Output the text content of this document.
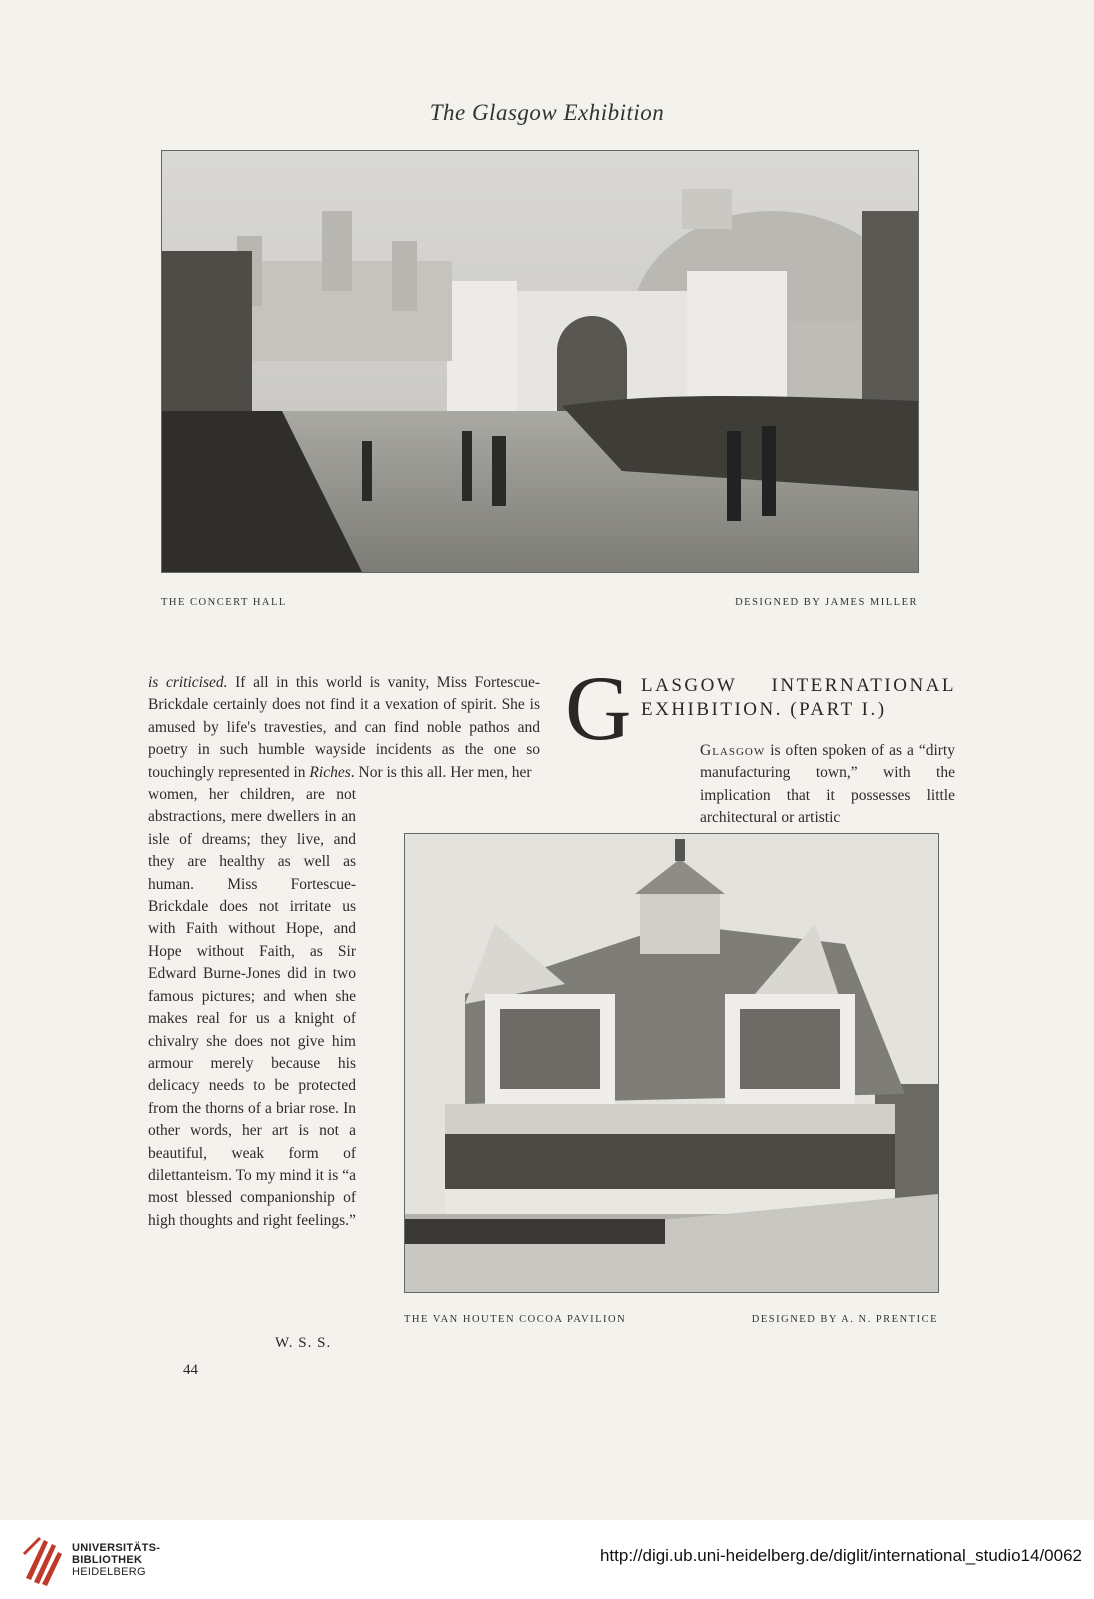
The Glasgow Exhibition
THE CONCERT HALL	DESIGNED BY JAMES MILLER

is criticised. If all in this world is vanity, Miss Fortescue-Brickdale certainly does not find it a vexation of spirit. She is amused by life's travesties, and can find noble pathos and poetry in such humble wayside incidents as the one so touchingly represented in Riches. Nor is this all. Her men, her

women, her children, are not abstractions, mere dwellers in an isle of dreams; they live, and they are healthy as well as human. Miss Fortescue-Brickdale does not irritate us with Faith without Hope, and Hope without Faith, as Sir Edward Burne-Jones did in two famous pictures; and when she makes real for us a knight of chivalry she does not give him armour merely because his delicacy needs to be protected from the thorns of a briar rose. In other words, her art is not a beautiful, weak form of dilettanteism. To my mind it is “a most blessed companionship of high thoughts and right feelings.”

W. S. S.
44
G LASGOW INTERNATIONAL EXHIBITION. (PART I.)
Glasgow is often spoken of as a “dirty manufacturing town,” with the implication that it possesses little architectural or artistic
THE VAN HOUTEN COCOA PAVILION	DESIGNED BY A. N. PRENTICE
UNIVERSITÄTS-
BIBLIOTHEK
HEIDELBERG
http://digi.ub.uni-heidelberg.de/diglit/international_studio14/0062
